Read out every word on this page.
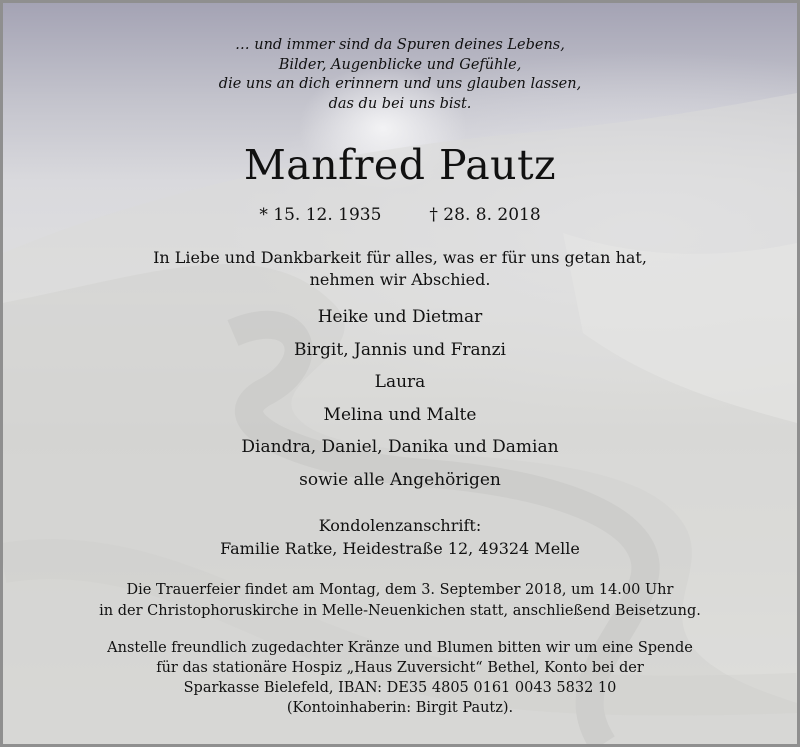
… und immer sind da Spuren deines Lebens,
Bilder, Augenblicke und Gefühle,
die uns an dich erinnern und uns glauben lassen,
das du bei uns bist.
Manfred Pautz
* 15. 12. 1935	† 28. 8. 2018
In Liebe und Dankbarkeit für alles, was er für uns getan hat,
nehmen wir Abschied.
Heike und Dietmar
Birgit, Jannis und Franzi
Laura
Melina und Malte
Diandra, Daniel, Danika und Damian
sowie alle Angehörigen
Kondolenzanschrift:
Familie Ratke, Heidestraße 12, 49324 Melle
Die Trauerfeier findet am Montag, dem 3. September 2018, um 14.00 Uhr
in der Christophoruskirche in Melle-Neuenkichen statt, anschließend Beisetzung.
Anstelle freundlich zugedachter Kränze und Blumen bitten wir um eine Spende
für das stationäre Hospiz „Haus Zuversicht“ Bethel, Konto bei der
Sparkasse Bielefeld, IBAN: DE35 4805 0161 0043 5832 10
(Kontoinhaberin: Birgit Pautz).
